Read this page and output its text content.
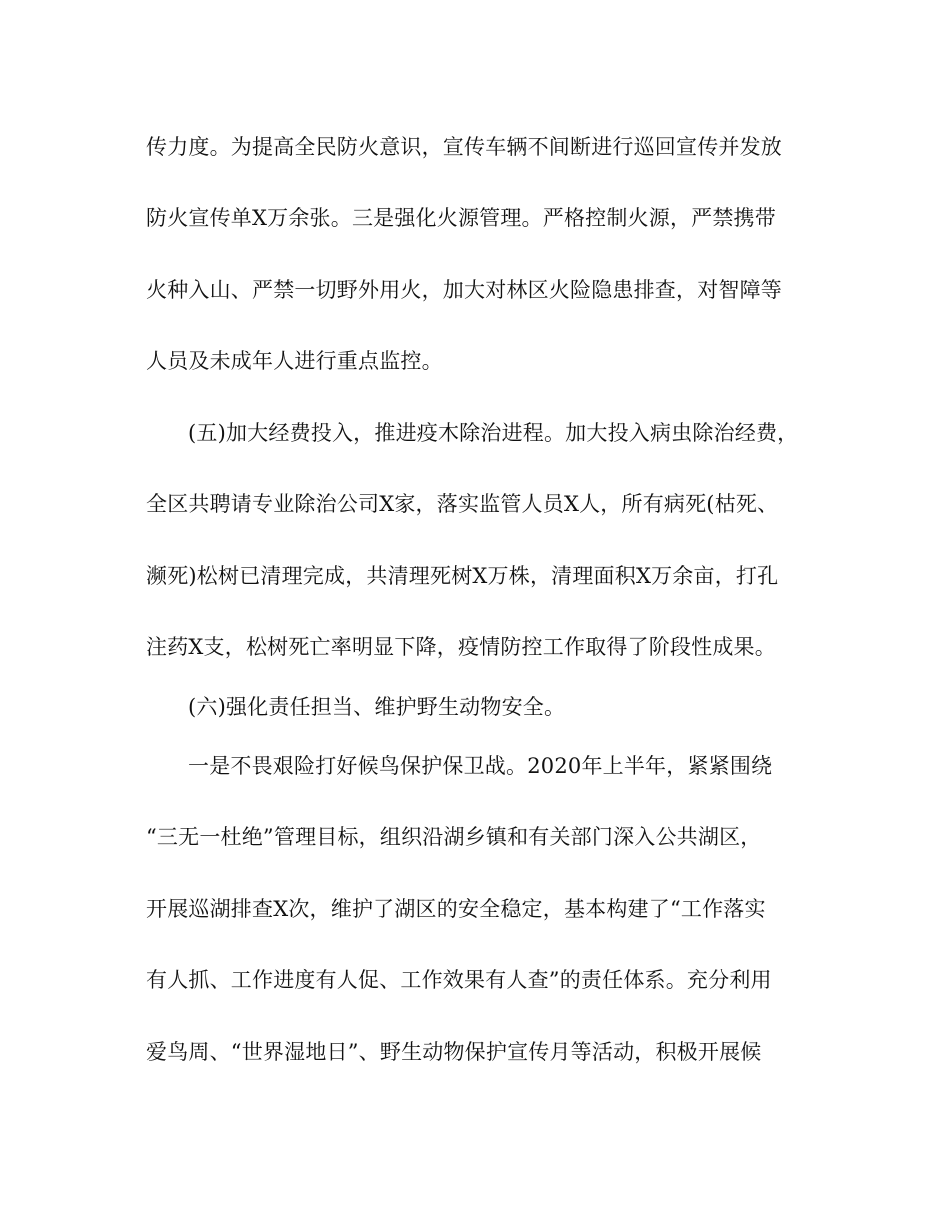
传力度。为提高全民防火意识，宣传车辆不间断进行巡回宣传并发放
防火宣传单X万余张。三是强化火源管理。严格控制火源，严禁携带
火种入山、严禁一切野外用火，加大对林区火险隐患排查，对智障等
人员及未成年人进行重点监控。
(五)加大经费投入，推进疫木除治进程。加大投入病虫除治经费，
全区共聘请专业除治公司X家，落实监管人员X人，所有病死(枯死、
濒死)松树已清理完成，共清理死树X万株，清理面积X万余亩，打孔
注药X支，松树死亡率明显下降，疫情防控工作取得了阶段性成果。
(六)强化责任担当、维护野生动物安全。
一是不畏艰险打好候鸟保护保卫战。2020年上半年，紧紧围绕
“三无一杜绝”管理目标，组织沿湖乡镇和有关部门深入公共湖区，
开展巡湖排查X次，维护了湖区的安全稳定，基本构建了“工作落实
有人抓、工作进度有人促、工作效果有人查”的责任体系。充分利用
爱鸟周、“世界湿地日”、野生动物保护宣传月等活动，积极开展候
